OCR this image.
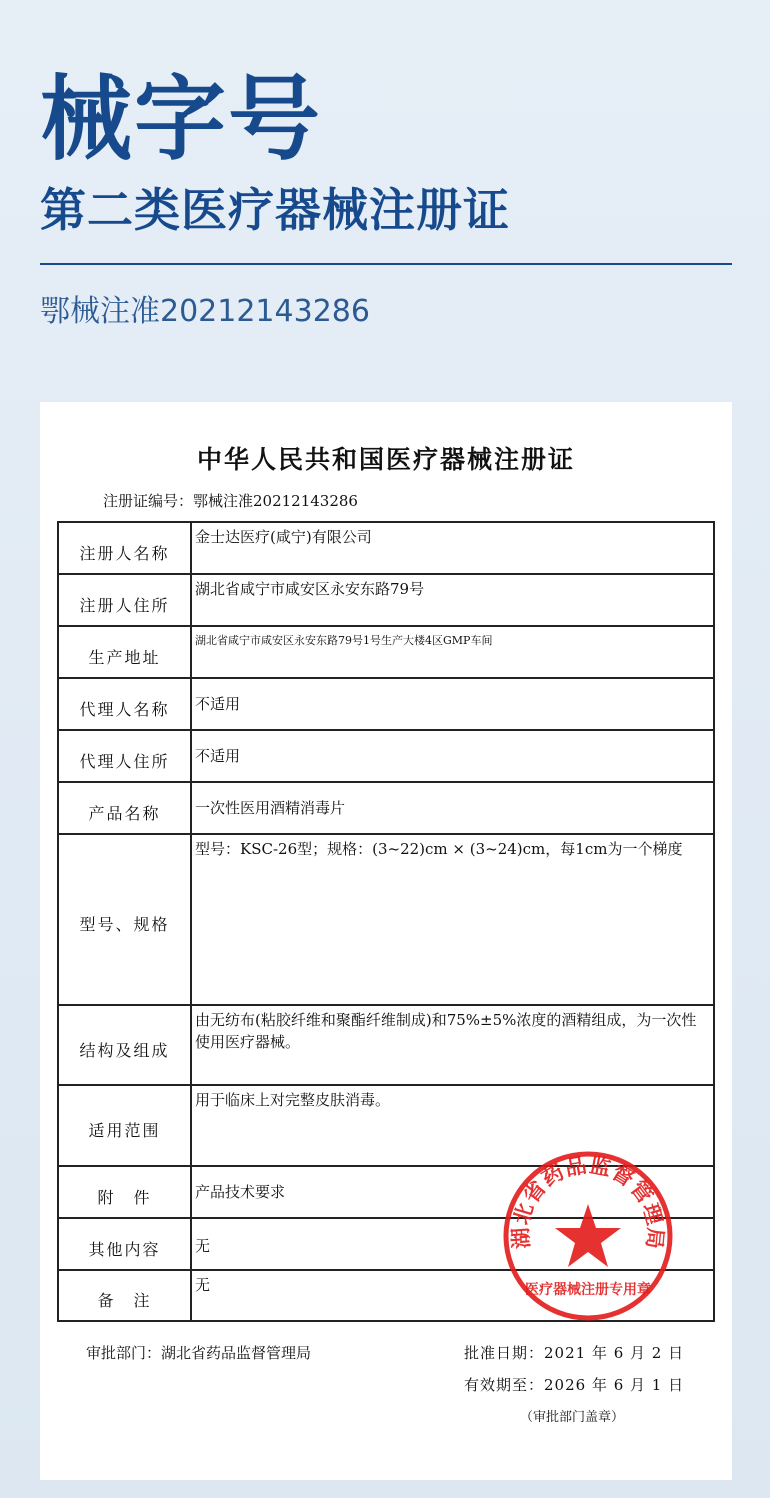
械字号
第二类医疗器械注册证
鄂械注准20212143286
中华人民共和国医疗器械注册证
注册证编号：鄂械注准20212143286
注册人名称	金士达医疗(咸宁)有限公司
注册人住所	湖北省咸宁市咸安区永安东路79号
生产地址	湖北省咸宁市咸安区永安东路79号1号生产大楼4区GMP车间
代理人名称	不适用
代理人住所	不适用
产品名称	一次性医用酒精消毒片
型号、规格	型号：KSC-26型；规格：(3~22)cm × (3~24)cm，每1cm为一个梯度
结构及组成	由无纺布(粘胶纤维和聚酯纤维制成)和75%±5%浓度的酒精组成，为一次性使用医疗器械。
适用范围	用于临床上对完整皮肤消毒。
附　件	产品技术要求
其他内容	无
备　注	无
审批部门：湖北省药品监督管理局	批准日期：2021 年 6 月 2 日
有效期至：2026 年 6 月 1 日
（审批部门盖章）
湖北省药品监督管理局
医疗器械注册专用章
